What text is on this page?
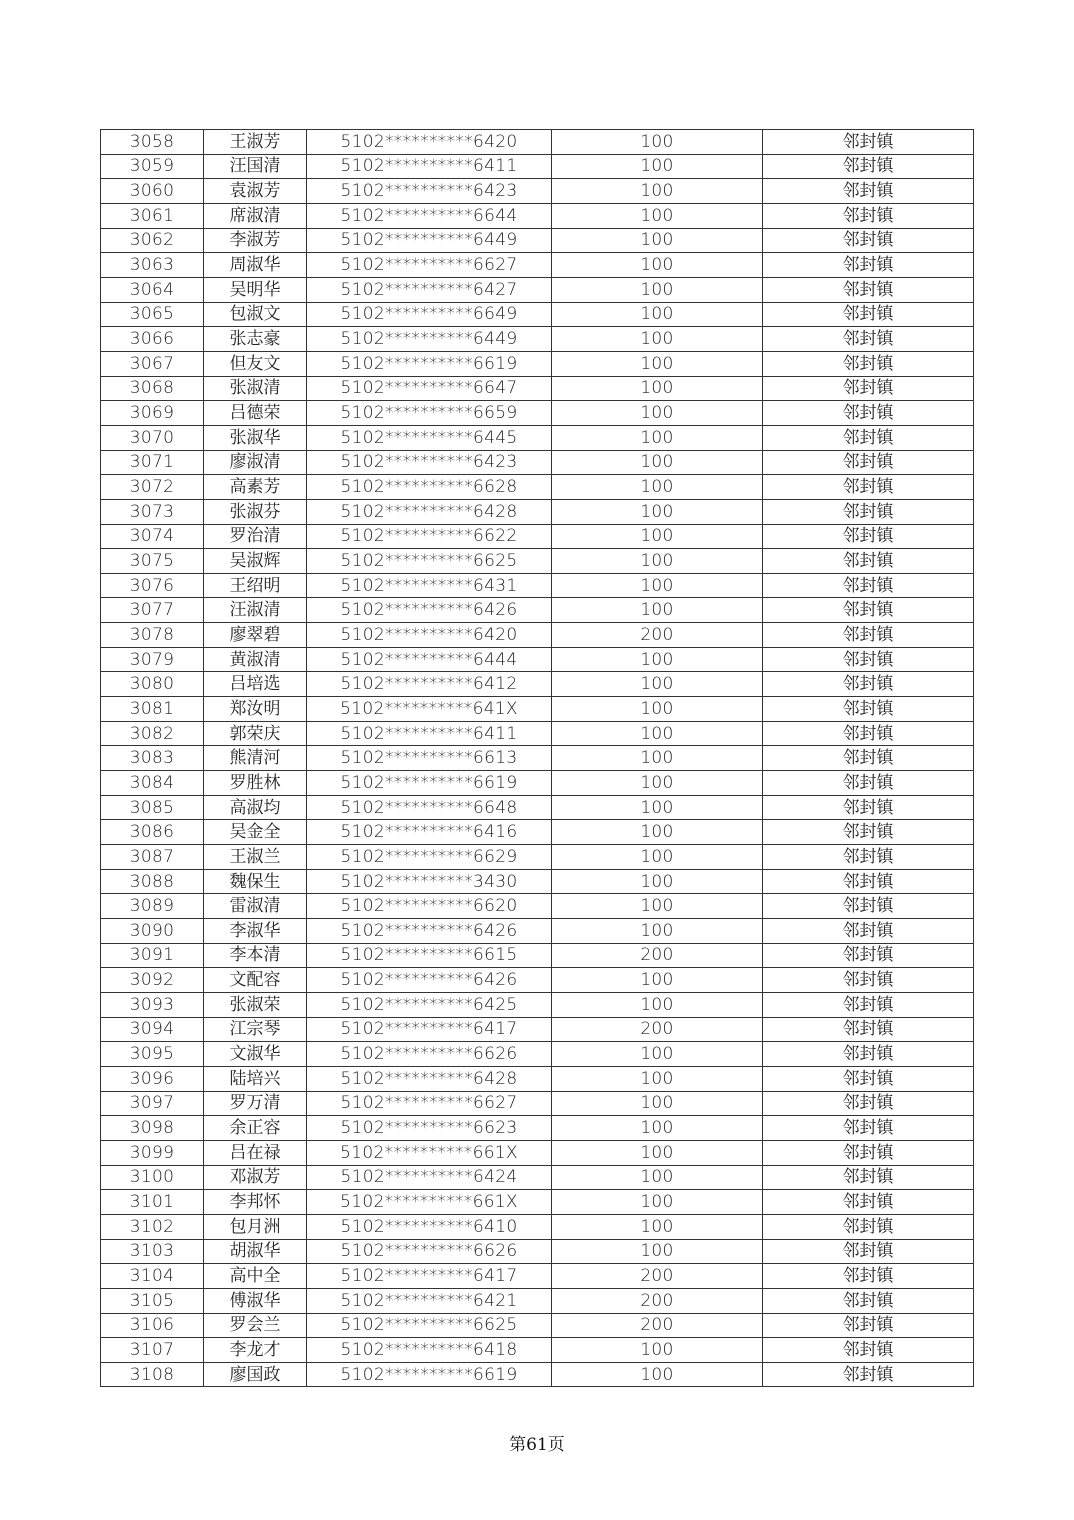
3058	王淑芳	5102**********6420	100	邻封镇
3059	汪国清	5102**********6411	100	邻封镇
3060	袁淑芳	5102**********6423	100	邻封镇
3061	席淑清	5102**********6644	100	邻封镇
3062	李淑芳	5102**********6449	100	邻封镇
3063	周淑华	5102**********6627	100	邻封镇
3064	吴明华	5102**********6427	100	邻封镇
3065	包淑文	5102**********6649	100	邻封镇
3066	张志豪	5102**********6449	100	邻封镇
3067	但友文	5102**********6619	100	邻封镇
3068	张淑清	5102**********6647	100	邻封镇
3069	吕德荣	5102**********6659	100	邻封镇
3070	张淑华	5102**********6445	100	邻封镇
3071	廖淑清	5102**********6423	100	邻封镇
3072	高素芳	5102**********6628	100	邻封镇
3073	张淑芬	5102**********6428	100	邻封镇
3074	罗治清	5102**********6622	100	邻封镇
3075	吴淑辉	5102**********6625	100	邻封镇
3076	王绍明	5102**********6431	100	邻封镇
3077	汪淑清	5102**********6426	100	邻封镇
3078	廖翠碧	5102**********6420	200	邻封镇
3079	黄淑清	5102**********6444	100	邻封镇
3080	吕培选	5102**********6412	100	邻封镇
3081	郑汝明	5102**********641X	100	邻封镇
3082	郭荣庆	5102**********6411	100	邻封镇
3083	熊清河	5102**********6613	100	邻封镇
3084	罗胜林	5102**********6619	100	邻封镇
3085	高淑均	5102**********6648	100	邻封镇
3086	吴金全	5102**********6416	100	邻封镇
3087	王淑兰	5102**********6629	100	邻封镇
3088	魏保生	5102**********3430	100	邻封镇
3089	雷淑清	5102**********6620	100	邻封镇
3090	李淑华	5102**********6426	100	邻封镇
3091	李本清	5102**********6615	200	邻封镇
3092	文配容	5102**********6426	100	邻封镇
3093	张淑荣	5102**********6425	100	邻封镇
3094	江宗琴	5102**********6417	200	邻封镇
3095	文淑华	5102**********6626	100	邻封镇
3096	陆培兴	5102**********6428	100	邻封镇
3097	罗万清	5102**********6627	100	邻封镇
3098	余正容	5102**********6623	100	邻封镇
3099	吕在禄	5102**********661X	100	邻封镇
3100	邓淑芳	5102**********6424	100	邻封镇
3101	李邦怀	5102**********661X	100	邻封镇
3102	包月洲	5102**********6410	100	邻封镇
3103	胡淑华	5102**********6626	100	邻封镇
3104	高中全	5102**********6417	200	邻封镇
3105	傅淑华	5102**********6421	200	邻封镇
3106	罗会兰	5102**********6625	200	邻封镇
3107	李龙才	5102**********6418	100	邻封镇
3108	廖国政	5102**********6619	100	邻封镇
第61页
